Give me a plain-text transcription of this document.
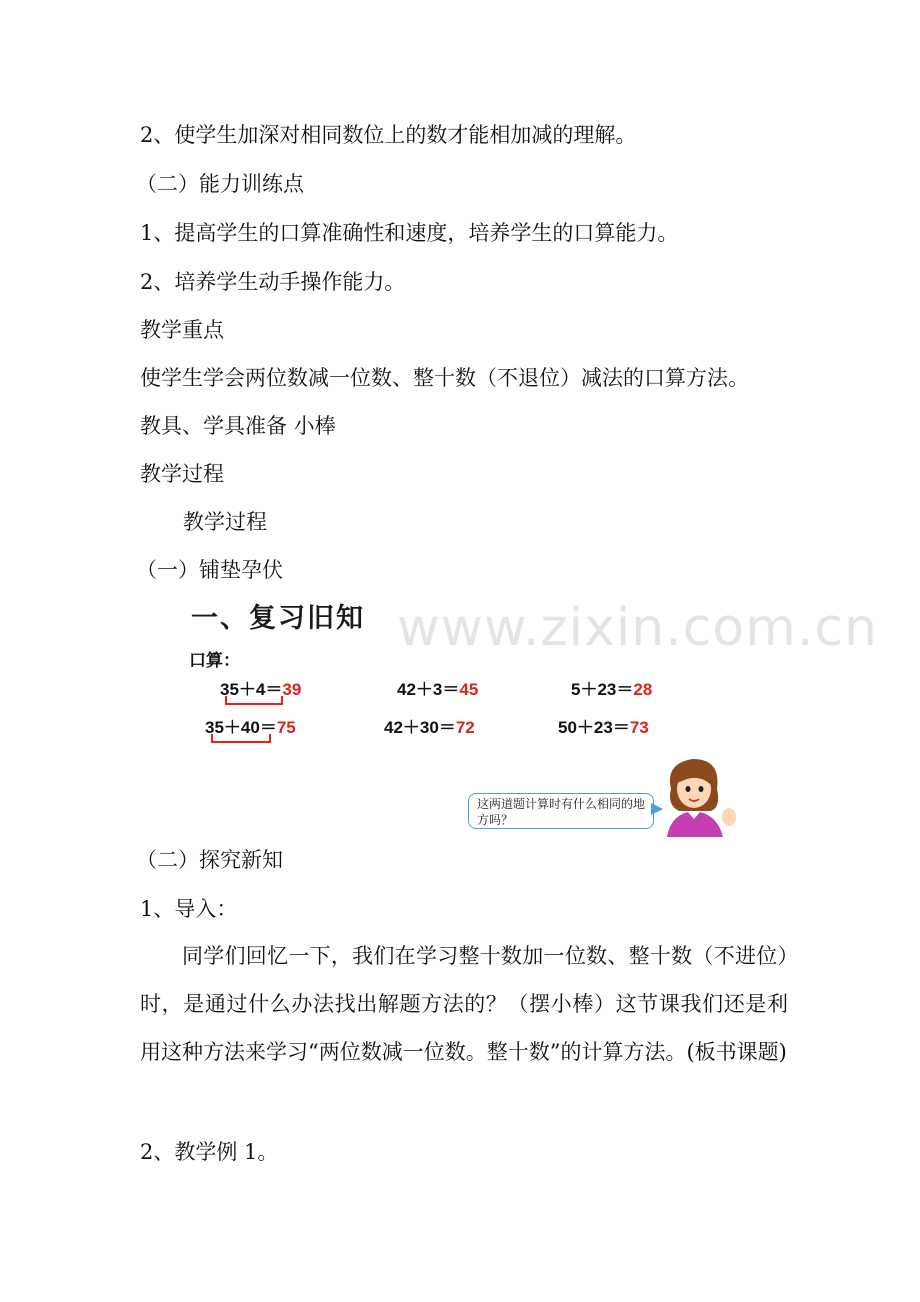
2、使学生加深对相同数位上的数才能相加减的理解。
（二）能力训练点
1、提高学生的口算准确性和速度，培养学生的口算能力。
2、培养学生动手操作能力。
教学重点
使学生学会两位数减一位数、整十数（不退位）减法的口算方法。
教具、学具准备 小棒
教学过程
教学过程
（一）铺垫孕伏
www.zixin.com.cn
一、复习旧知
口算：
35＋4＝39	42＋3＝45	5＋23＝28
35＋40＝75	42＋30＝72	50＋23＝73
这两道题计算时有什么相同的地方吗？
（二）探究新知
1、导入：
同学们回忆一下，我们在学习整十数加一位数、整十数（不进位）时，是通过什么办法找出解题方法的？（摆小棒）这节课我们还是利用这种方法来学习“两位数减一位数。整十数”的计算方法。(板书课题)
2、教学例 1。
